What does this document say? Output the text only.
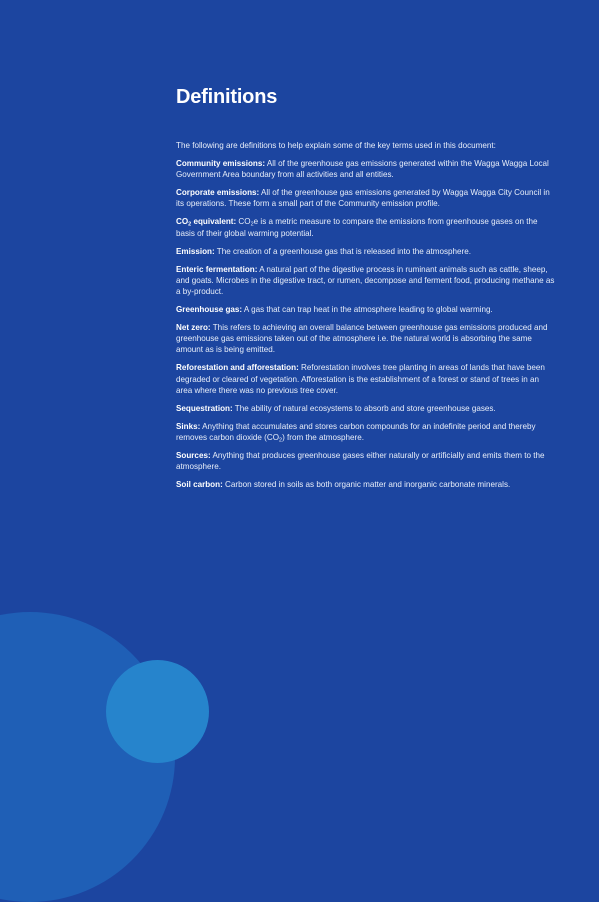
Definitions

The following are definitions to help explain some of the key terms used in this document:

Community emissions: All of the greenhouse gas emissions generated within the Wagga Wagga Local Government Area boundary from all activities and all entities.

Corporate emissions: All of the greenhouse gas emissions generated by Wagga Wagga City Council in its operations. These form a small part of the Community emission profile.

$CO_2$ equivalent: $CO_2e$ is a metric measure to compare the emissions from greenhouse gases on the basis of their global warming potential.

Emission: The creation of a greenhouse gas that is released into the atmosphere.

Enteric fermentation: A natural part of the digestive process in ruminant animals such as cattle, sheep, and goats. Microbes in the digestive tract, or rumen, decompose and ferment food, producing methane as a by-product.

Greenhouse gas: A gas that can trap heat in the atmosphere leading to global warming.

Net zero: This refers to achieving an overall balance between greenhouse gas emissions produced and greenhouse gas emissions taken out of the atmosphere i.e. the natural world is absorbing the same amount as is being emitted.

Reforestation and afforestation: Reforestation involves tree planting in areas of lands that have been degraded or cleared of vegetation. Afforestation is the establishment of a forest or stand of trees in an area where there was no previous tree cover.

Sequestration: The ability of natural ecosystems to absorb and store greenhouse gases.

Sinks: Anything that accumulates and stores carbon compounds for an indefinite period and thereby removes carbon dioxide $(CO_2)$ from the atmosphere.

Sources: Anything that produces greenhouse gases either naturally or artificially and emits them to the atmosphere.

Soil carbon: Carbon stored in soils as both organic matter and inorganic carbonate minerals.
